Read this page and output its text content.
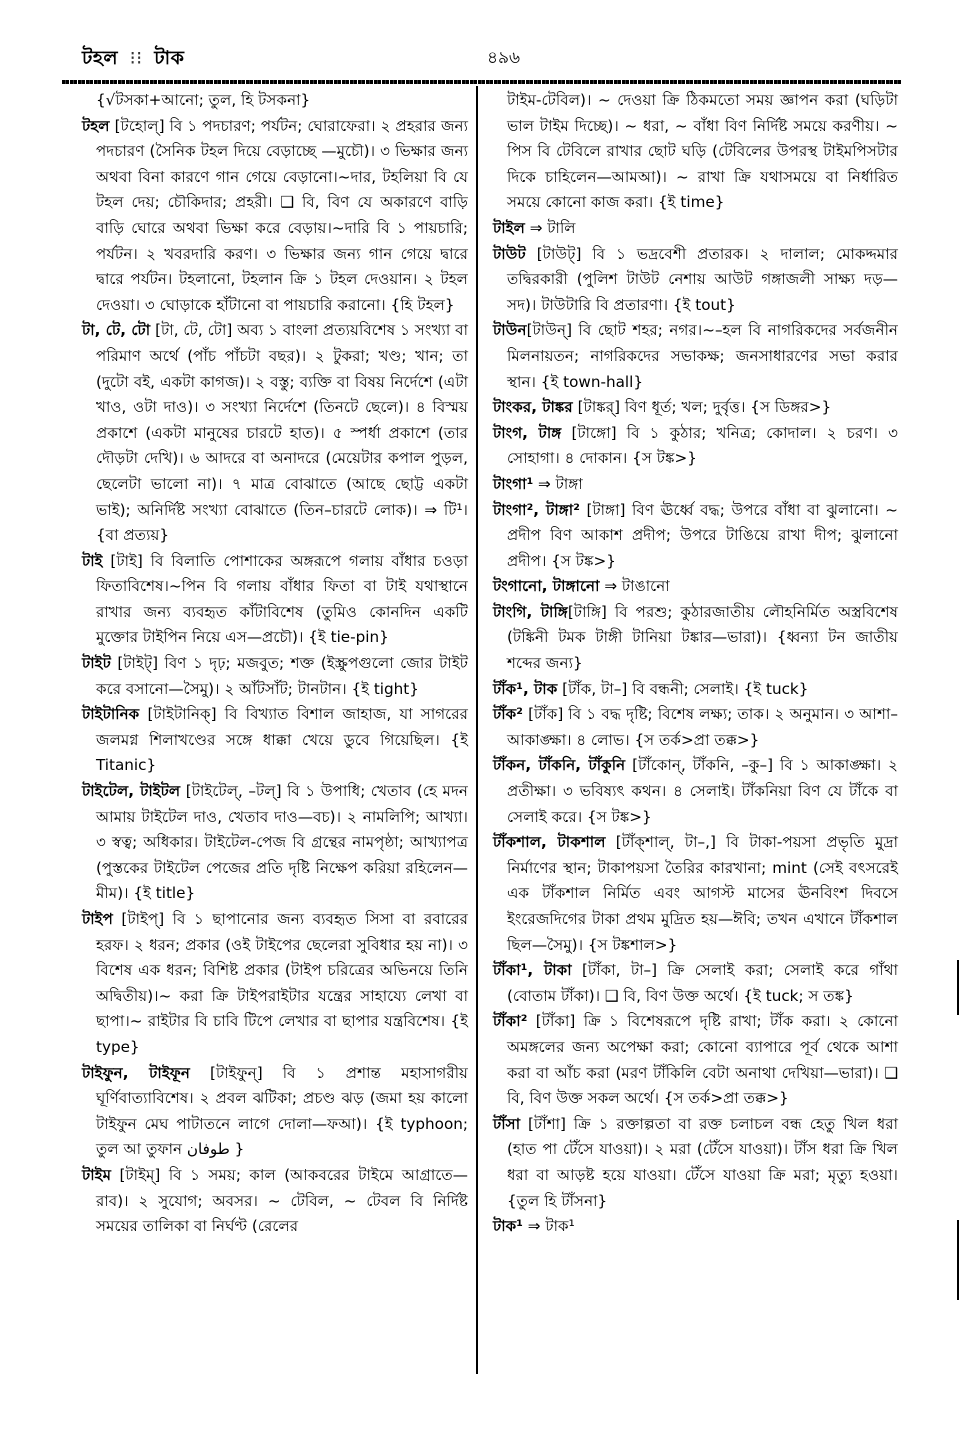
টহল ⁝⁝ টাক	৪৯৬

{√টসকা+আনো; তুল, হি টসকনা}

টহল [টহোল্] বি ১ পদচারণ; পর্যটন; ঘোরাফেরা। ২ প্রহরার জন্য পদচারণ (সৈনিক টহল দিয়ে বেড়াচ্ছে —মুচৌ)। ৩ ভিক্ষার জন্য অথবা বিনা কারণে গান গেয়ে বেড়ানো।~দার, টহলিয়া বি যে টহল দেয়; চৌকিদার; প্রহরী। ❑ বি, বিণ যে অকারণে বাড়ি বাড়ি ঘোরে অথবা ভিক্ষা করে বেড়ায়।~দারি বি ১ পায়চারি; পর্যটন। ২ খবরদারি করণ। ৩ ভিক্ষার জন্য গান গেয়ে দ্বারে দ্বারে পর্যটন। টহলানো, টহলান ক্রি ১ টহল দেওয়ান। ২ টহল দেওয়া। ৩ ঘোড়াকে হাঁটানো বা পায়চারি করানো। {হি টহল}

টা, টে, টো [টা, টে, টো] অব্য ১ বাংলা প্রত্যয়বিশেষ ১ সংখ্যা বা পরিমাণ অর্থে (পাঁচ পাঁচটা বছর)। ২ টুকরা; খণ্ড; খান; তা (দুটো বই, একটা কাগজ)। ২ বস্তু; ব্যক্তি বা বিষয় নির্দেশে (এটা খাও, ওটা দাও)। ৩ সংখ্যা নির্দেশে (তিনটে ছেলে)। ৪ বিস্ময় প্রকাশে (একটা মানুষের চারটে হাত)। ৫ স্পর্ধা প্রকাশে (তার দৌড়টা দেখি)। ৬ আদরে বা অনাদরে (মেয়েটার কপাল পুড়ল, ছেলেটা ভালো না)। ৭ মাত্র বোঝাতে (আছে ছোট্ট একটা ভাই); অনির্দিষ্ট সংখ্যা বোঝাতে (তিন–চারটে লোক)। ⇒ টি¹। {বা প্রত্যয়}

টাই [টাই] বি বিলাতি পোশাকের অঙ্গরূপে গলায় বাঁধার চওড়া ফিতাবিশেষ।~পিন বি গলায় বাঁধার ফিতা বা টাই যথাস্থানে রাখার জন্য ব্যবহৃত কাঁটাবিশেষ (তুমিও কোনদিন একটি মুক্তোর টাইপিন নিয়ে এস—প্রচৌ)। {ই tie-pin}

টাইট [টাইট্] বিণ ১ দৃঢ়; মজবুত; শক্ত (ইস্ক্রুপগুলো জোর টাইট করে বসানো—সৈমু)। ২ আঁটসাঁট; টানটান। {ই tight}

টাইটানিক [টাইটানিক্] বি বিখ্যাত বিশাল জাহাজ, যা সাগরের জলমগ্ন শিলাখণ্ডের সঙ্গে ধাক্কা খেয়ে ডুবে গিয়েছিল। {ই Titanic}

টাইটেল, টাইটল [টাইটেল্, –টল্] বি ১ উপাধি; খেতাব (হে মদন আমায় টাইটেল দাও, খেতাব দাও—বচ)। ২ নামলিপি; আখ্যা। ৩ স্বত্ব; অধিকার। টাইটেল-পেজ বি গ্রন্থের নামপৃষ্ঠা; আখ্যাপত্র (পুস্তকের টাইটেল পেজের প্রতি দৃষ্টি নিক্ষেপ করিয়া রহিলেন—মীম)। {ই title}

টাইপ [টাইপ্] বি ১ ছাপানোর জন্য ব্যবহৃত সিসা বা রবারের হরফ। ২ ধরন; প্রকার (ওই টাইপের ছেলেরা সুবিধার হয় না)। ৩ বিশেষ এক ধরন; বিশিষ্ট প্রকার (টাইপ চরিত্রের অভিনয়ে তিনি অদ্বিতীয়)।~ করা ক্রি টাইপরাইটার যন্ত্রের সাহায্যে লেখা বা ছাপা।~ রাইটার বি চাবি টিপে লেখার বা ছাপার যন্ত্রবিশেষ। {ই type}

টাইফুন, টাইফূন [টাইফুন্] বি ১ প্রশান্ত মহাসাগরীয় ঘূর্ণিবাত্যাবিশেষ। ২ প্রবল ঝটিকা; প্রচণ্ড ঝড় (জমা হয় কালো টাইফুন মেঘ পাটাতনে লাগে দোলা—ফআ)। {ই typhoon; তুল আ তুফান طوفان }

টাইম [টাইম্] বি ১ সময়; কাল (আকবরের টাইমে আগ্রাতে—রাব)। ২ সুযোগ; অবসর। ~ টেবিল, ~ টেবল বি নির্দিষ্ট সময়ের তালিকা বা নির্ঘণ্ট (রেলের

টাইম-টেবিল)। ~ দেওয়া ক্রি ঠিকমতো সময় জ্ঞাপন করা (ঘড়িটা ভাল টাইম দিচ্ছে)। ~ ধরা, ~ বাঁধা বিণ নির্দিষ্ট সময়ে করণীয়। ~ পিস বি টেবিলে রাখার ছোট ঘড়ি (টেবিলের উপরস্থ টাইমপিসটার দিকে চাহিলেন—আমআ)। ~ রাখা ক্রি যথাসময়ে বা নির্ধারিত সময়ে কোনো কাজ করা। {ই time}

টাইল ⇒ টালি

টাউট [টাউট্] বি ১ ভদ্রবেশী প্রতারক। ২ দালাল; মোকদ্দমার তদ্বিরকারী (পুলিশ টাউট নেশায় আউট গঙ্গাজলী সাক্ষ্য দড়—সদ)। টাউটারি বি প্রতারণা। {ই tout}

টাউন[টাউন্] বি ছোট শহর; নগর।~–হল বি নাগরিকদের সর্বজনীন মিলনায়তন; নাগরিকদের সভাকক্ষ; জনসাধারণের সভা করার স্থান। {ই town-hall}

টাংকর, টাঙ্কর [টাঙ্কর্] বিণ ধূর্ত; খল; দুর্বৃত্ত। {স ডিঙ্গর>}

টাংগ, টাঙ্গ [টাঙ্গো] বি ১ কুঠার; খনিত্র; কোদাল। ২ চরণ। ৩ সোহাগা। ৪ দোকান। {স টঙ্ক>}

টাংগা¹ ⇒ টাঙ্গা

টাংগা², টাঙ্গা² [টাঙ্গা] বিণ ঊর্ধ্বে বদ্ধ; উপরে বাঁধা বা ঝুলানো। ~ প্রদীপ বিণ আকাশ প্রদীপ; উপরে টাঙিয়ে রাখা দীপ; ঝুলানো প্রদীপ। {স টঙ্ক>}

টংগানো, টাঙ্গানো ⇒ টাঙানো

টাংগি, টাঙ্গি[টাঙ্গি] বি পরশু; কুঠারজাতীয় লৌহনির্মিত অস্ত্রবিশেষ (টঙ্কিনী টমক টাঙ্গী টানিয়া টঙ্কার—ভারা)। {ধ্বন্যা টন জাতীয় শব্দের জন্য}

টাঁক¹, টাক [টাঁক, টা–] বি বন্ধনী; সেলাই। {ই tuck}

টাঁক² [টাঁক] বি ১ বদ্ধ দৃষ্টি; বিশেষ লক্ষ্য; তাক। ২ অনুমান। ৩ আশা–আকাঙ্ক্ষা। ৪ লোভ। {স তর্ক>প্রা তক্ক>}

টাঁকন, টাঁকনি, টাঁকুনি [টাঁকোন্, টাঁকনি, –কু–] বি ১ আকাঙ্ক্ষা। ২ প্রতীক্ষা। ৩ ভবিষ্যৎ কথন। ৪ সেলাই। টাঁকনিয়া বিণ যে টাঁকে বা সেলাই করে। {স টঙ্ক>}

টাঁকশাল, টাকশাল [টাঁক্শাল্, টা–,] বি টাকা-পয়সা প্রভৃতি মুদ্রা নির্মাণের স্থান; টাকাপয়সা তৈরির কারখানা; mint (সেই বৎসরেই এক টাঁকশাল নির্মিত এবং আগস্ট মাসের ঊনবিংশ দিবসে ইংরেজদিগের টাকা প্রথম মুদ্রিত হয়—ঈবি; তখন এখানে টাঁকশাল ছিল—সৈমু)। {স টঙ্কশাল>}

টাঁকা¹, টাকা [টাঁকা, টা–] ক্রি সেলাই করা; সেলাই করে গাঁথা (বোতাম টাঁকা)। ❑ বি, বিণ উক্ত অর্থে। {ই tuck; স তঙ্ক}

টাঁকা² [টাঁকা] ক্রি ১ বিশেষরূপে দৃষ্টি রাখা; টাঁক করা। ২ কোনো অমঙ্গলের জন্য অপেক্ষা করা; কোনো ব্যাপারে পূর্ব থেকে আশা করা বা আঁচ করা (মরণ টাঁকিলি বেটা অনাথা দেখিয়া—ভারা)। ❑ বি, বিণ উক্ত সকল অর্থে। {স তর্ক>প্রা তক্ক>}

টাঁসা [টাঁশা] ক্রি ১ রক্তাল্পতা বা রক্ত চলাচল বন্ধ হেতু খিল ধরা (হাত পা টেঁসে যাওয়া)। ২ মরা (টেঁসে যাওয়া)। টাঁস ধরা ক্রি খিল ধরা বা আড়ষ্ট হয়ে যাওয়া। টেঁসে যাওয়া ক্রি মরা; মৃত্যু হওয়া। {তুল হি টাঁসনা}

টাক¹ ⇒ টাক¹
